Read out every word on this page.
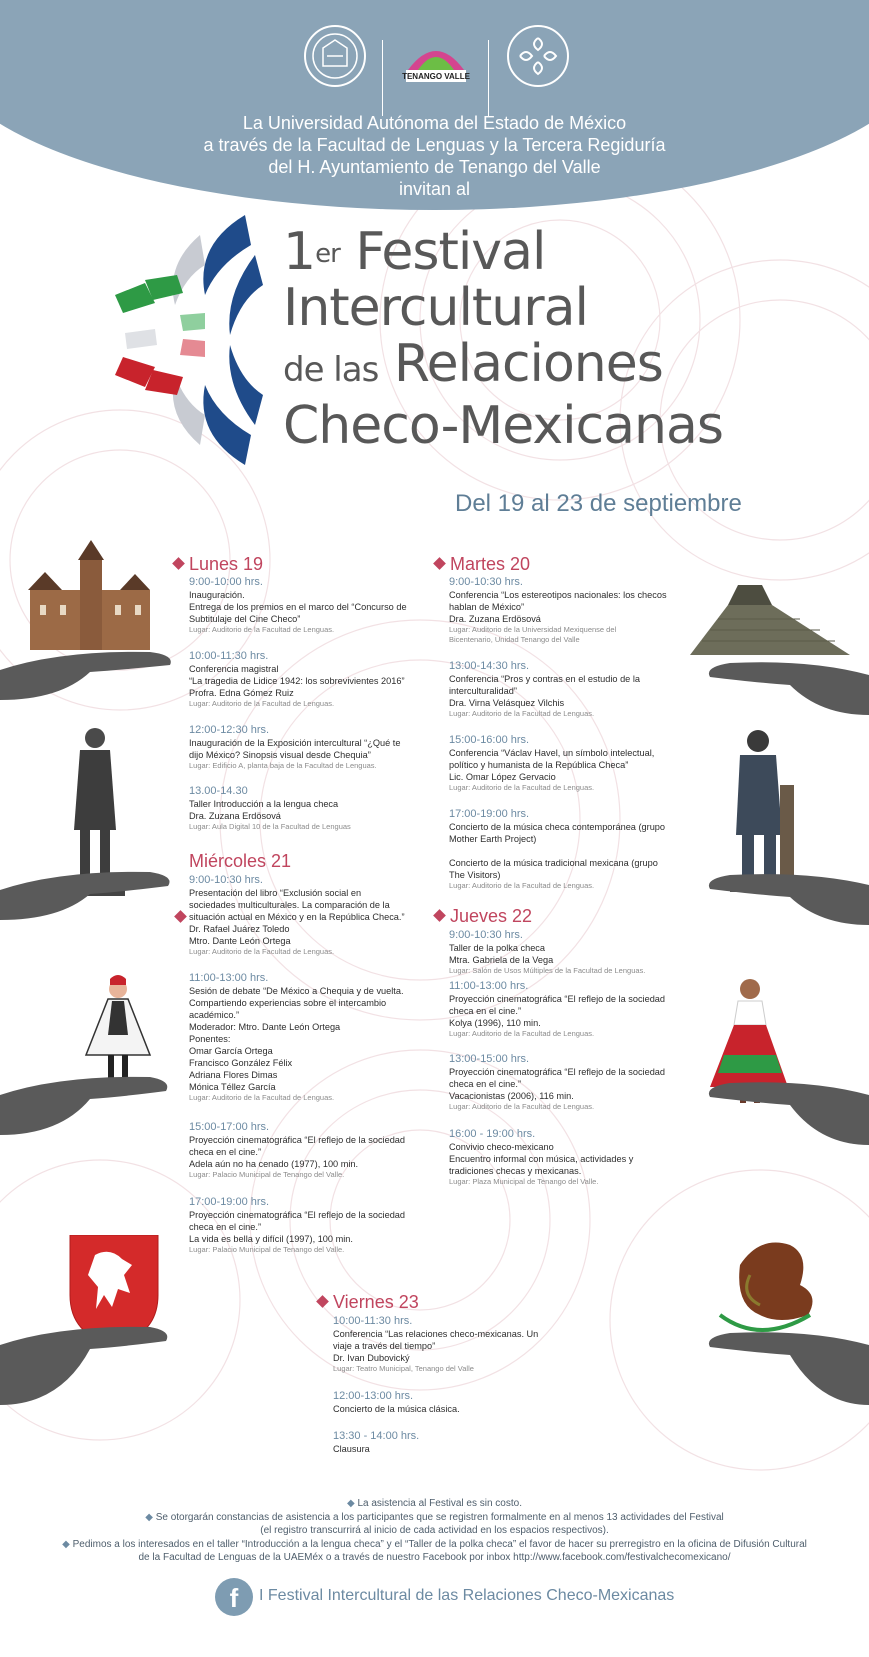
TENANGO VALLE
La Universidad Autónoma del Estado de México
a través de la Facultad de Lenguas y la Tercera Regiduría
del H. Ayuntamiento de Tenango del Valle
invitan al
1er Festival
Intercultural
de las Relaciones
Checo-Mexicanas
Del 19 al 23 de septiembre
Lunes 19
9:00-10:00 hrs.
Inauguración.
Entrega de los premios en el marco del “Concurso de
Subtitulaje del Cine Checo”
Lugar: Auditorio de la Facultad de Lenguas.
10:00-11:30 hrs.
Conferencia magistral
“La tragedia de Lidice 1942: los sobrevivientes 2016”
Profra. Edna Gómez Ruiz
Lugar: Auditorio de la Facultad de Lenguas.
12:00-12:30 hrs.
Inauguración de la Exposición intercultural “¿Qué te
dijo México? Sinopsis visual desde Chequia”
Lugar: Edificio A, planta baja de la Facultad de Lenguas.
13.00-14.30
Taller Introducción a la lengua checa
Dra. Zuzana Erdösová
Lugar: Aula Digital 10 de la Facultad de Lenguas
Miércoles 21
9:00-10:30 hrs.
Presentación del libro “Exclusión social en
sociedades multiculturales. La comparación de la
situación actual en México y en la República Checa.”
Dr. Rafael Juárez Toledo
Mtro. Dante León Ortega
Lugar: Auditorio de la Facultad de Lenguas.
11:00-13:00 hrs.
Sesión de debate “De México a Chequia y de vuelta.
Compartiendo experiencias sobre el intercambio
académico.”
Moderador: Mtro. Dante León Ortega
Ponentes:
Omar García Ortega
Francisco González Félix
Adriana Flores Dimas
Mónica Téllez García
Lugar: Auditorio de la Facultad de Lenguas.
15:00-17:00 hrs.
Proyección cinematográfica “El reflejo de la sociedad
checa en el cine.”
Adela aún no ha cenado (1977), 100 min.
Lugar: Palacio Municipal de Tenango del Valle.
17:00-19:00 hrs.
Proyección cinematográfica “El reflejo de la sociedad
checa en el cine.”
La vida es bella y difícil (1997), 100 min.
Lugar: Palacio Municipal de Tenango del Valle.
Martes 20
9:00-10:30 hrs.
Conferencia “Los estereotipos nacionales: los checos
hablan de México”
Dra. Zuzana Erdösová
Lugar: Auditorio de la Universidad Mexiquense del
Bicentenario, Unidad Tenango del Valle
13:00-14:30 hrs.
Conferencia “Pros y contras en el estudio de la
interculturalidad”
Dra. Virna Velásquez Vilchis
Lugar: Auditorio de la Facultad de Lenguas.
15:00-16:00 hrs.
Conferencia “Václav Havel, un símbolo intelectual,
político y humanista de la República Checa”
Lic. Omar López Gervacio
Lugar: Auditorio de la Facultad de Lenguas.
17:00-19:00 hrs.
Concierto de la música checa contemporánea (grupo
Mother Earth Project)
Concierto de la música tradicional mexicana (grupo
The Visitors)
Lugar: Auditorio de la Facultad de Lenguas.
Jueves 22
9:00-10:30 hrs.
Taller de la polka checa
Mtra. Gabriela de la Vega
Lugar: Salón de Usos Múltiples de la Facultad de Lenguas.
11:00-13:00 hrs.
Proyección cinematográfica “El reflejo de la sociedad
checa en el cine.”
Kolya (1996), 110 min.
Lugar: Auditorio de la Facultad de Lenguas.
13:00-15:00 hrs.
Proyección cinematográfica “El reflejo de la sociedad
checa en el cine.”
Vacacionistas (2006), 116 min.
Lugar: Auditorio de la Facultad de Lenguas.
16:00 - 19:00 hrs.
Convivio checo-mexicano
Encuentro informal con música, actividades y
tradiciones checas y mexicanas.
Lugar: Plaza Municipal de Tenango del Valle.
Viernes 23
10:00-11:30 hrs.
Conferencia “Las relaciones checo-mexicanas. Un
viaje a través del tiempo”
Dr. Ivan Dubovický
Lugar: Teatro Municipal, Tenango del Valle
12:00-13:00 hrs.
Concierto de la música clásica.
13:30 - 14:00 hrs.
Clausura
◆ La asistencia al Festival es sin costo.
◆ Se otorgarán constancias de asistencia a los participantes que se registren formalmente en al menos 13 actividades del Festival
(el registro transcurrirá al inicio de cada actividad en los espacios respectivos).
◆ Pedimos a los interesados en el taller “Introducción a la lengua checa” y el “Taller de la polka checa” el favor de hacer su prerregistro en la oficina de Difusión Cultural
de la Facultad de Lenguas de la UAEMéx o a través de nuestro Facebook por inbox http://www.facebook.com/festivalchecomexicano/
f	I Festival Intercultural de las Relaciones Checo-Mexicanas
